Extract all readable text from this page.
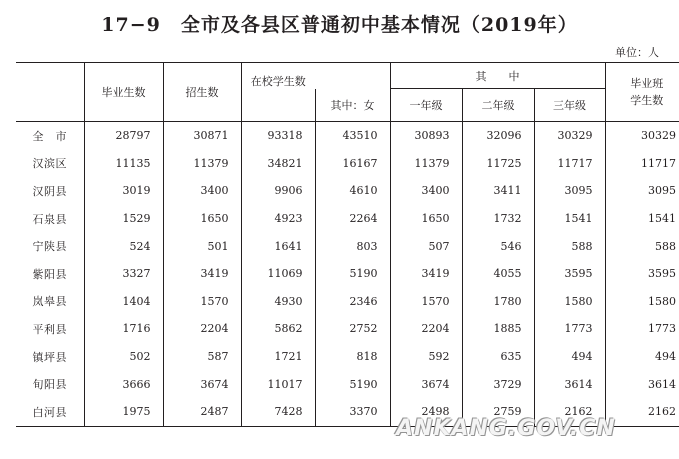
17−9　全市及各县区普通初中基本情况（2019年）
单位：人
	毕业生数	招生数	在校学生数		其　　中			毕业班
学生数
				其中：女	一年级	二年级	三年级	
全　市	28797	30871	93318	43510	30893	32096	30329	30329
汉滨区	11135	11379	34821	16167	11379	11725	11717	11717
汉阴县	3019	3400	9906	4610	3400	3411	3095	3095
石泉县	1529	1650	4923	2264	1650	1732	1541	1541
宁陕县	524	501	1641	803	507	546	588	588
紫阳县	3327	3419	11069	5190	3419	4055	3595	3595
岚皋县	1404	1570	4930	2346	1570	1780	1580	1580
平利县	1716	2204	5862	2752	2204	1885	1773	1773
镇坪县	502	587	1721	818	592	635	494	494
旬阳县	3666	3674	11017	5190	3674	3729	3614	3614
白河县	1975	2487	7428	3370	2498	2759	2162	2162
ANKANG.GOV.CN
